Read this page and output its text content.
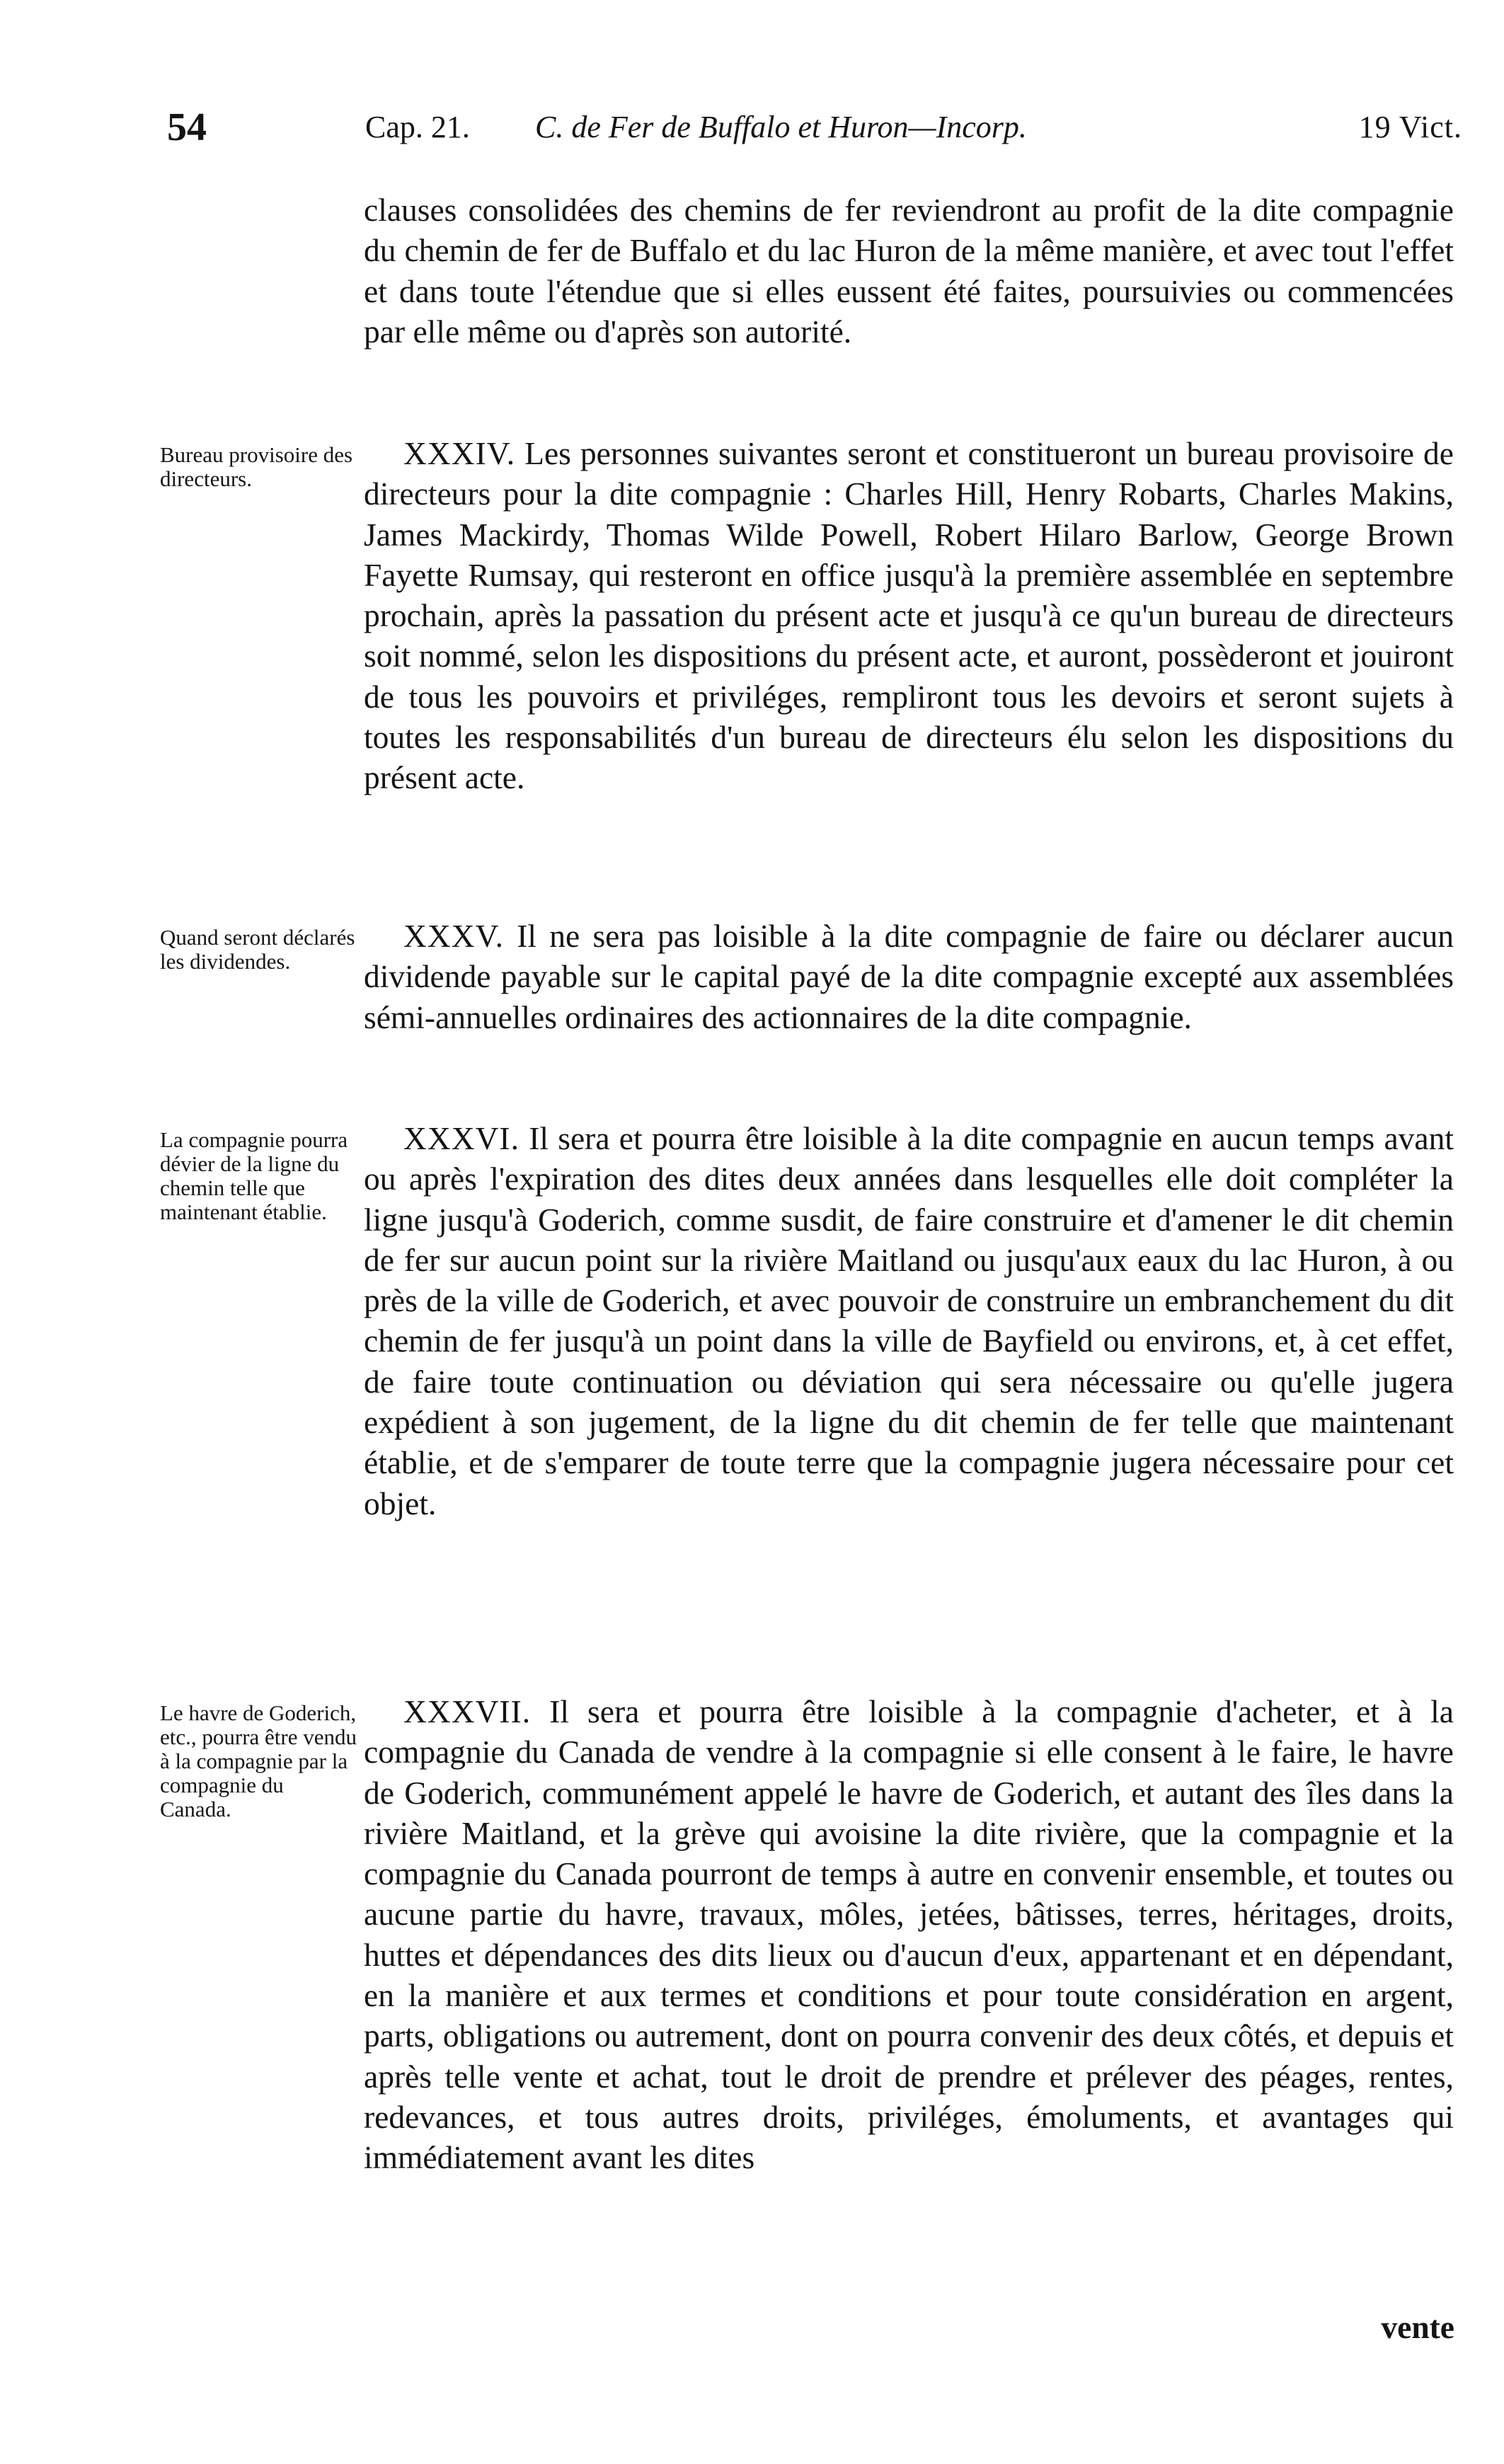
54	Cap. 21. C. de Fer de Buffalo et Huron—Incorp.	19 Vict.
clauses consolidées des chemins de fer reviendront au profit de la dite compagnie du chemin de fer de Buffalo et du lac Huron de la même manière, et avec tout l'effet et dans toute l'étendue que si elles eussent été faites, poursuivies ou commencées par elle même ou d'après son autorité.
Bureau provisoire des directeurs.
XXXIV. Les personnes suivantes seront et constitueront un bureau provisoire de directeurs pour la dite compagnie : Charles Hill, Henry Robarts, Charles Makins, James Mackirdy, Thomas Wilde Powell, Robert Hilaro Barlow, George Brown Fayette Rumsay, qui resteront en office jusqu'à la première assemblée en septembre prochain, après la passation du présent acte et jusqu'à ce qu'un bureau de directeurs soit nommé, selon les dispositions du présent acte, et auront, possèderont et jouiront de tous les pouvoirs et priviléges, rempliront tous les devoirs et seront sujets à toutes les responsabilités d'un bureau de directeurs élu selon les dispositions du présent acte.
Quand seront déclarés les dividendes.
XXXV. Il ne sera pas loisible à la dite compagnie de faire ou déclarer aucun dividende payable sur le capital payé de la dite compagnie excepté aux assemblées sémi-annuelles ordinaires des actionnaires de la dite compagnie.
La compagnie pourra dévier de la ligne du chemin telle que maintenant établie.
XXXVI. Il sera et pourra être loisible à la dite compagnie en aucun temps avant ou après l'expiration des dites deux années dans lesquelles elle doit compléter la ligne jusqu'à Goderich, comme susdit, de faire construire et d'amener le dit chemin de fer sur aucun point sur la rivière Maitland ou jusqu'aux eaux du lac Huron, à ou près de la ville de Goderich, et avec pouvoir de construire un embranchement du dit chemin de fer jusqu'à un point dans la ville de Bayfield ou environs, et, à cet effet, de faire toute continuation ou déviation qui sera nécessaire ou qu'elle jugera expédient à son jugement, de la ligne du dit chemin de fer telle que maintenant établie, et de s'emparer de toute terre que la compagnie jugera nécessaire pour cet objet.
Le havre de Goderich, etc., pourra être vendu à la compagnie par la compagnie du Canada.
XXXVII. Il sera et pourra être loisible à la compagnie d'acheter, et à la compagnie du Canada de vendre à la compagnie si elle consent à le faire, le havre de Goderich, communément appelé le havre de Goderich, et autant des îles dans la rivière Maitland, et la grève qui avoisine la dite rivière, que la compagnie et la compagnie du Canada pourront de temps à autre en convenir ensemble, et toutes ou aucune partie du havre, travaux, môles, jetées, bâtisses, terres, héritages, droits, huttes et dépendances des dits lieux ou d'aucun d'eux, appartenant et en dépendant, en la manière et aux termes et conditions et pour toute considération en argent, parts, obligations ou autrement, dont on pourra convenir des deux côtés, et depuis et après telle vente et achat, tout le droit de prendre et prélever des péages, rentes, redevances, et tous autres droits, priviléges, émoluments, et avantages qui immédiatement avant les dites
vente
